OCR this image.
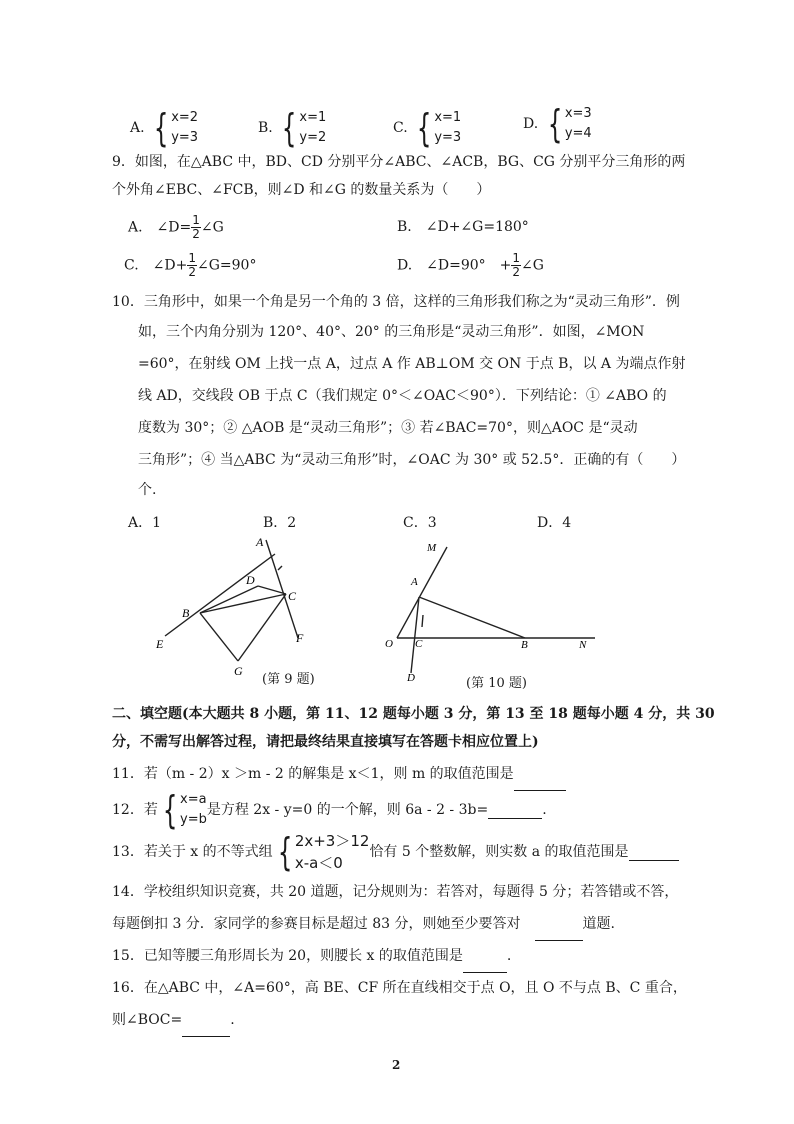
A. { x=2
y=3
B. { x=1
y=2
C. { x=1
y=3
D. { x=3
y=4
9．如图，在△ABC 中，BD、CD 分别平分∠ABC、∠ACB，BG、CG 分别平分三角形的两
个外角∠EBC、∠FCB，则∠D 和∠G 的数量关系为（　　）
A.　∠D= $\frac{1}{2}$ ∠G	B.　∠D+∠G=180°
C.　∠D+ $\frac{1}{2}$ ∠G=90°	D.　∠D=90°　+ $\frac{1}{2}$ ∠G
10．三角形中，如果一个角是另一个角的 3 倍，这样的三角形我们称之为“灵动三角形”．例
如，三个内角分别为 120°、40°、20° 的三角形是“灵动三角形”．如图，∠MON
=60°，在射线 OM 上找一点 A，过点 A 作 AB⊥OM 交 ON 于点 B，以 A 为端点作射
线 AD，交线段 OB 于点 C（我们规定 0°＜∠OAC＜90°）．下列结论：① ∠ABO 的
度数为 30°；② △AOB 是“灵动三角形”；③ 若∠BAC=70°，则△AOC 是“灵动
三角形”；④ 当△ABC 为“灵动三角形”时，∠OAC 为 30° 或 52.5°．正确的有（　　）
个.
A．1	B．2	C．3	D．4
A
B
C
D
E	F
G
(第 9 题)
M
A
O C	B	N
D	(第 10 题)
二、填空题(本大题共 8 小题，第 11、12 题每小题 3 分，第 13 至 18 题每小题 4 分，共 30
分，不需写出解答过程，请把最终结果直接填写在答题卡相应位置上)
11．若（m - 2）x ＞m - 2 的解集是 x＜1，则 m 的取值范围是
12．若 { x=a
y=b
是方程 2x - y=0 的一个解，则 6a - 2 - 3b=	.
13．若关于 x 的不等式组 { 2x+3＞12
x-a＜0
恰有 5 个整数解，则实数 a 的取值范围是
14．学校组织知识竞赛，共 20 道题，记分规则为：若答对，每题得 5 分；若答错或不答，
每题倒扣 3 分．家同学的参赛目标是超过 83 分，则她至少要答对　	道题.
15．已知等腰三角形周长为 20，则腰长 x 的取值范围是	.
16．在△ABC 中，∠A=60°，高 BE、CF 所在直线相交于点 O，且 O 不与点 B、C 重合，
则∠BOC=	.
2
